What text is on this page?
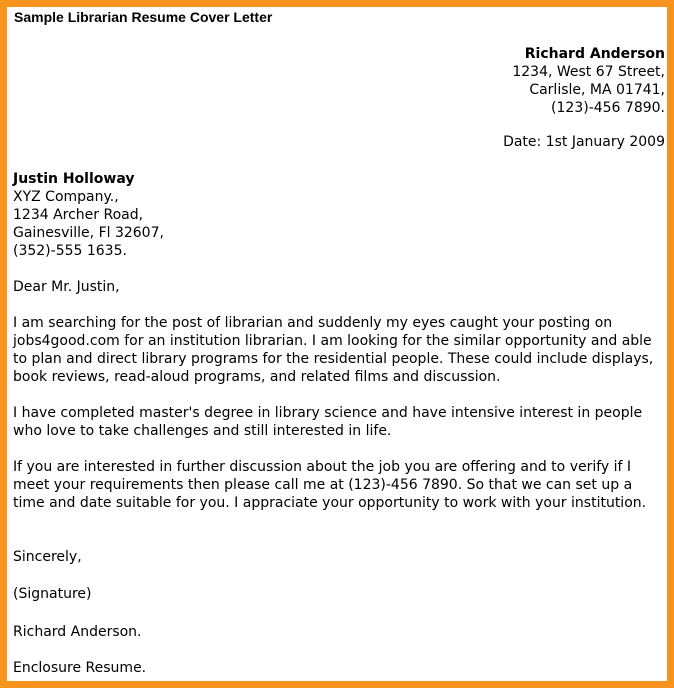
Sample Librarian Resume Cover Letter
Richard Anderson
1234, West 67 Street,
Carlisle, MA 01741,
(123)-456 7890.
Date: 1st January 2009
Justin Holloway
XYZ Company.,
1234 Archer Road,
Gainesville, Fl 32607,
(352)-555 1635.
Dear Mr. Justin,

I am searching for the post of librarian and suddenly my eyes caught your posting on jobs4good.com for an institution librarian. I am looking for the similar opportunity and able to plan and direct library programs for the residential people. These could include displays, book reviews, read-aloud programs, and related films and discussion.

I have completed master's degree in library science and have intensive interest in people who love to take challenges and still interested in life.

If you are interested in further discussion about the job you are offering and to verify if I meet your requirements then please call me at (123)-456 7890. So that we can set up a time and date suitable for you. I appraciate your opportunity to work with your institution.

Sincerely,
(Signature)
Richard Anderson.
Enclosure Resume.
